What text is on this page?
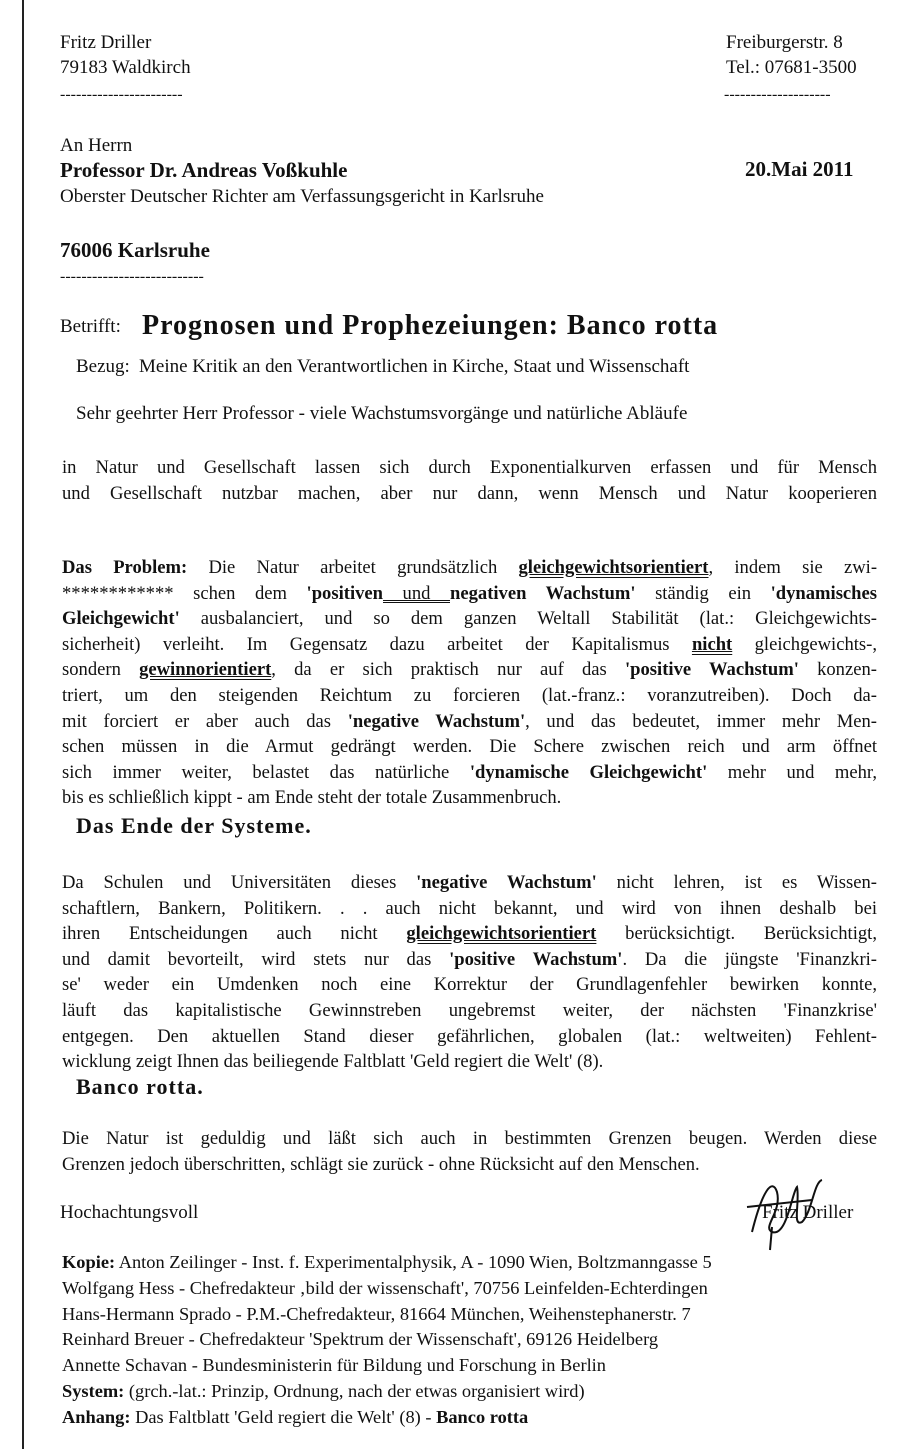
Fritz Driller
79183 Waldkirch
-----------------------
Freiburgerstr. 8
Tel.: 07681-3500
--------------------
An Herrn
Professor Dr. Andreas Voßkuhle	20.Mai 2011
Oberster Deutscher Richter am Verfassungsgericht in Karlsruhe
76006 Karlsruhe
---------------------------
Betrifft: Prognosen und Prophezeiungen: Banco rotta
Bezug: Meine Kritik an den Verantwortlichen in Kirche, Staat und Wissenschaft
Sehr geehrter Herr Professor - viele Wachstumsvorgänge und natürliche Abläufe
in Natur und Gesellschaft lassen sich durch Exponentialkurven erfassen und für Mensch
und Gesellschaft nutzbar machen, aber nur dann, wenn Mensch und Natur kooperieren
Das Problem: Die Natur arbeitet grundsätzlich gleichgewichtsorientiert, indem sie zwi-
************ schen dem 'positiven und negativen Wachstum' ständig ein 'dynamisches
Gleichgewicht' ausbalanciert, und so dem ganzen Weltall Stabilität (lat.: Gleichgewichts-
sicherheit) verleiht. Im Gegensatz dazu arbeitet der Kapitalismus nicht gleichgewichts-,
sondern gewinnorientiert, da er sich praktisch nur auf das 'positive Wachstum' konzen-
triert, um den steigenden Reichtum zu forcieren (lat.-franz.: voranzutreiben). Doch da-
mit forciert er aber auch das 'negative Wachstum', und das bedeutet, immer mehr Men-
schen müssen in die Armut gedrängt werden. Die Schere zwischen reich und arm öffnet
sich immer weiter, belastet das natürliche 'dynamische Gleichgewicht' mehr und mehr,
bis es schließlich kippt - am Ende steht der totale Zusammenbruch.
Das Ende der Systeme.
Da Schulen und Universitäten dieses 'negative Wachstum' nicht lehren, ist es Wissen-
schaftlern, Bankern, Politikern. . . auch nicht bekannt, und wird von ihnen deshalb bei
ihren Entscheidungen auch nicht gleichgewichtsorientiert berücksichtigt. Berücksichtigt,
und damit bevorteilt, wird stets nur das 'positive Wachstum'. Da die jüngste 'Finanzkri-
se' weder ein Umdenken noch eine Korrektur der Grundlagenfehler bewirken konnte,
läuft das kapitalistische Gewinnstreben ungebremst weiter, der nächsten 'Finanzkrise'
entgegen. Den aktuellen Stand dieser gefährlichen, globalen (lat.: weltweiten) Fehlent-
wicklung zeigt Ihnen das beiliegende Faltblatt 'Geld regiert die Welt' (8).
Banco rotta.
Die Natur ist geduldig und läßt sich auch in bestimmten Grenzen beugen. Werden diese
Grenzen jedoch überschritten, schlägt sie zurück - ohne Rücksicht auf den Menschen.
Hochachtungsvoll	Fritz Driller
Kopie: Anton Zeilinger - Inst. f. Experimentalphysik, A - 1090 Wien, Boltzmanngasse 5
Wolfgang Hess - Chefredakteur ‚bild der wissenschaft', 70756 Leinfelden-Echterdingen
Hans-Hermann Sprado - P.M.-Chefredakteur, 81664 München, Weihenstephanerstr. 7
Reinhard Breuer - Chefredakteur 'Spektrum der Wissenschaft', 69126 Heidelberg
Annette Schavan - Bundesministerin für Bildung und Forschung in Berlin
System: (grch.-lat.: Prinzip, Ordnung, nach der etwas organisiert wird)
Anhang: Das Faltblatt 'Geld regiert die Welt' (8) - Banco rotta
